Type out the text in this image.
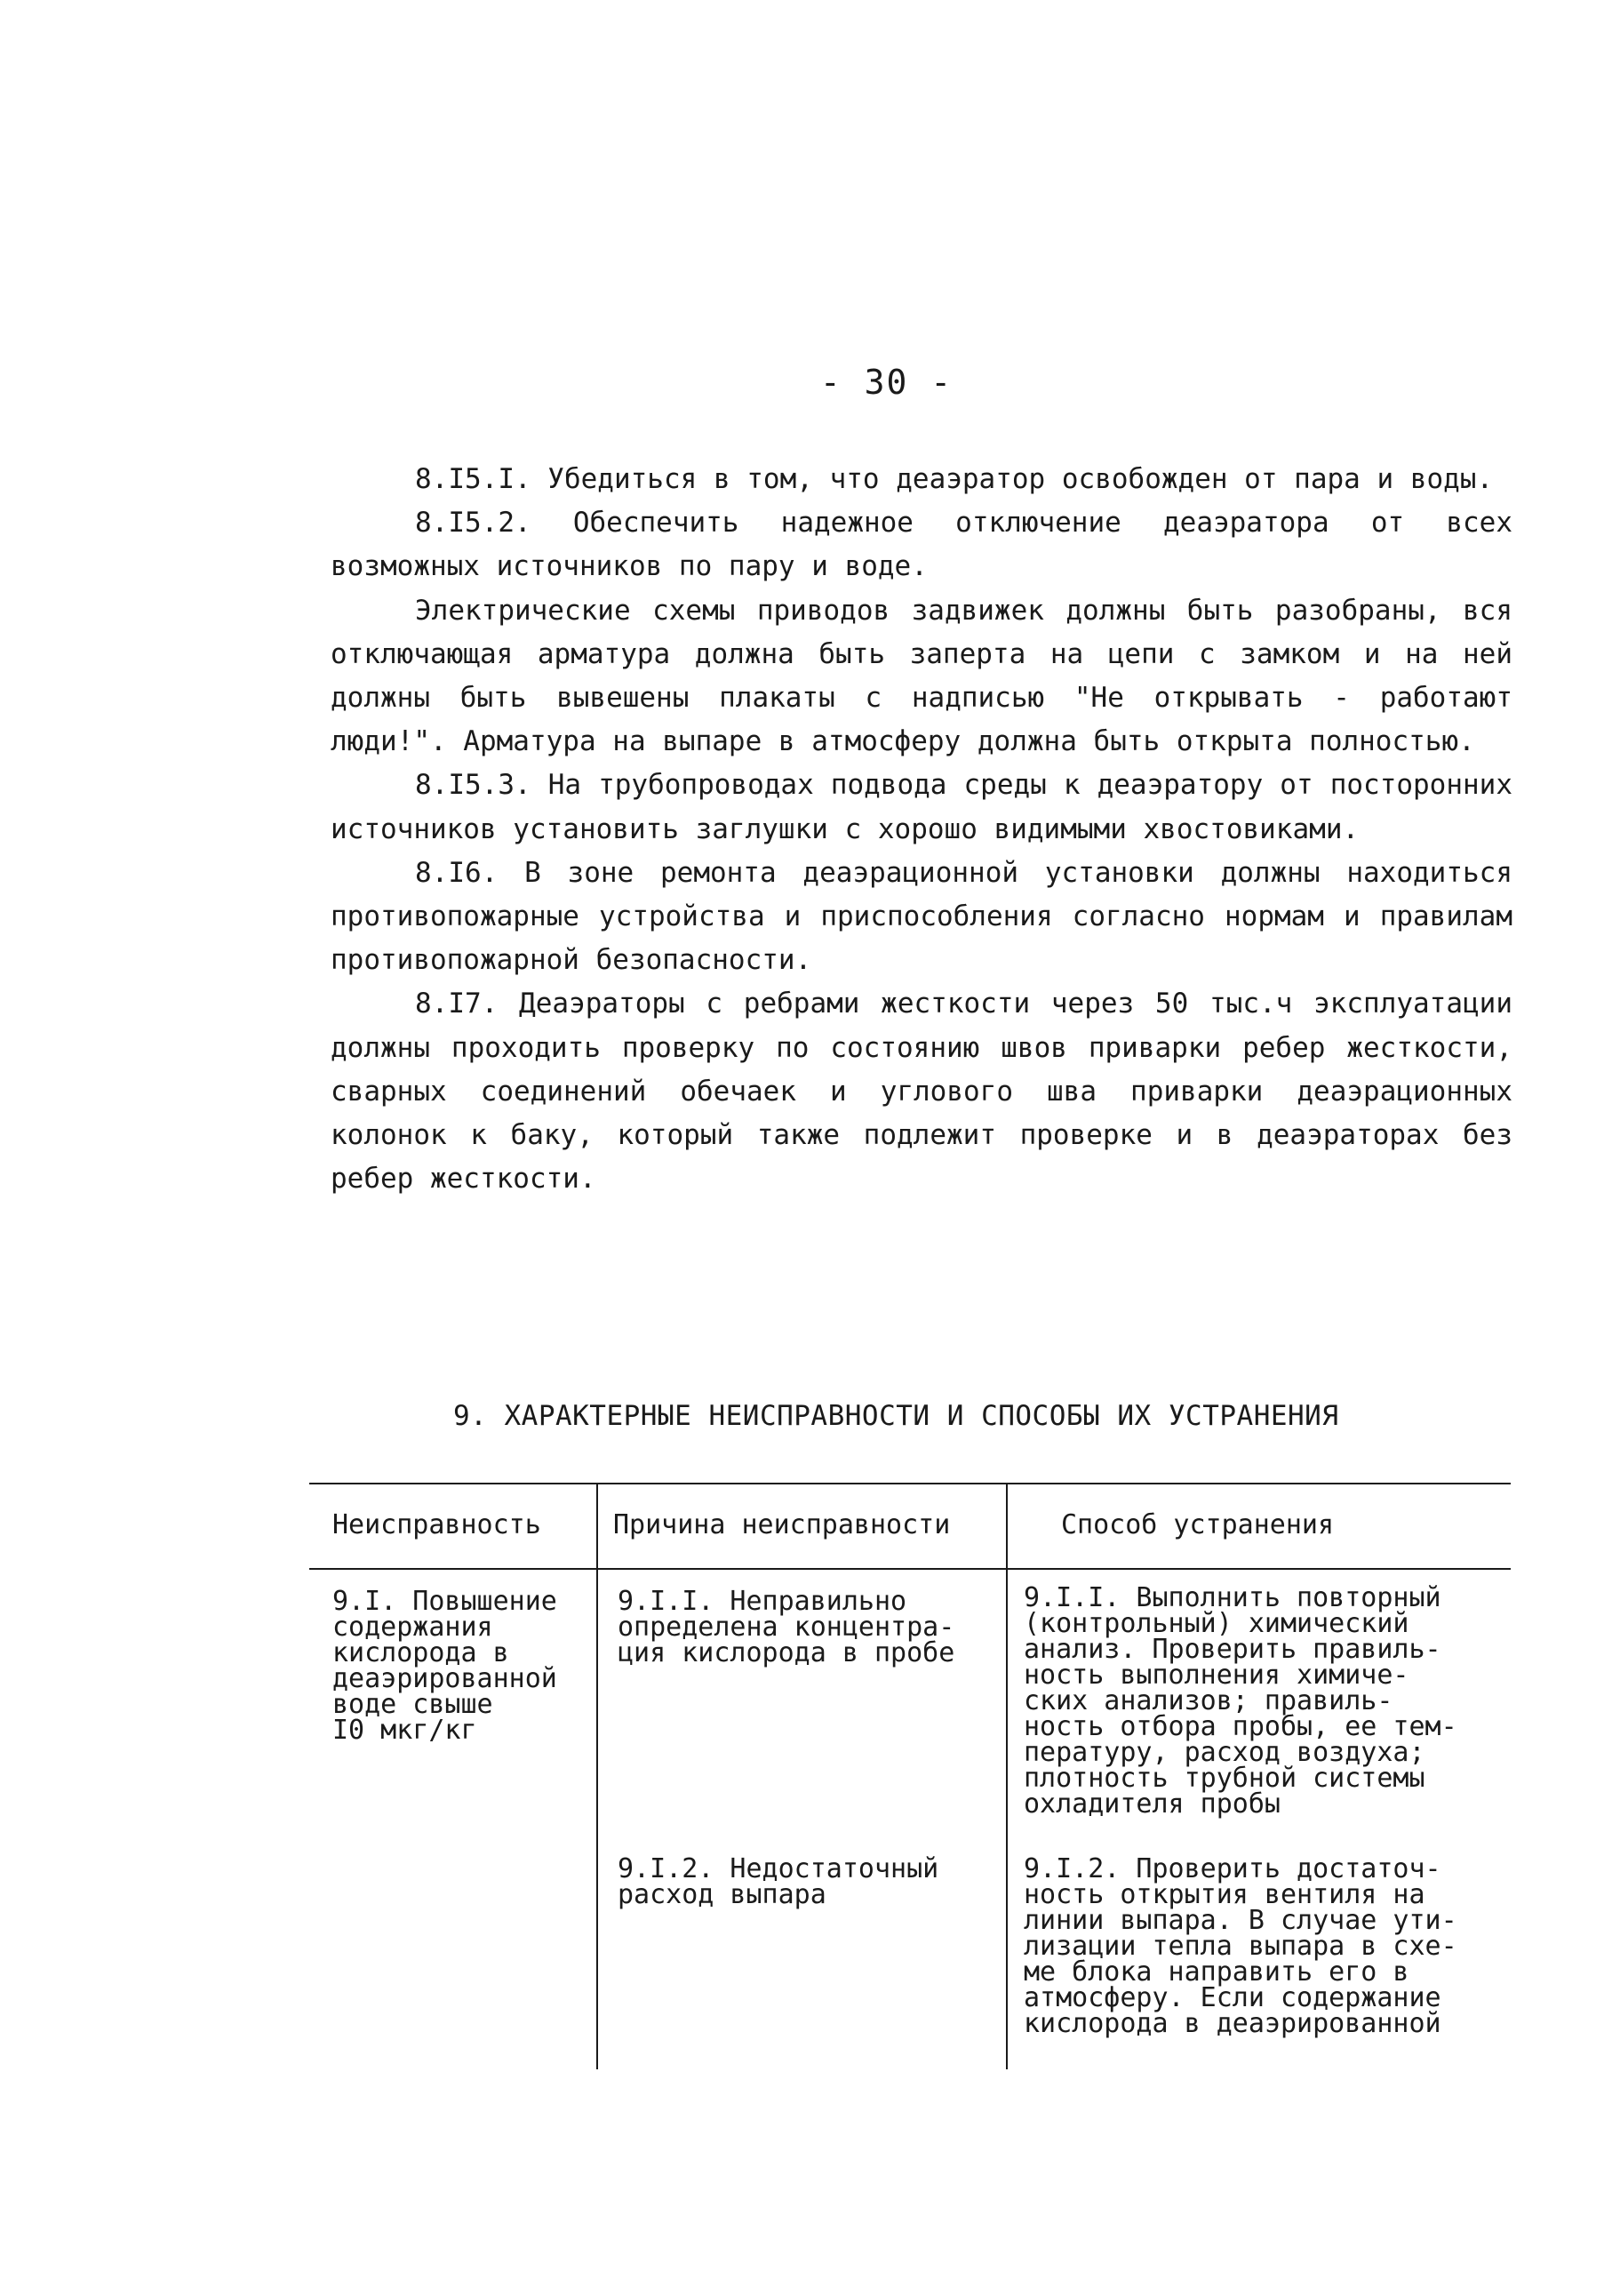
- 30 -

8.I5.I. Убедиться в том, что деаэратор освобожден от пара и воды.

8.I5.2. Обеспечить надежное отключение деаэратора от всех возможных источников по пару и воде.

Электрические схемы приводов задвижек должны быть разобраны, вся отключающая арматура должна быть заперта на цепи с замком и на ней должны быть вывешены плакаты с надписью "Не открывать - работают люди!". Арматура на выпаре в атмосферу должна быть открыта полностью.

8.I5.3. На трубопроводах подвода среды к деаэратору от посторонних источников установить заглушки с хорошо видимыми хвостовиками.

8.I6. В зоне ремонта деаэрационной установки должны находиться противопожарные устройства и приспособления согласно нормам и правилам противопожарной безопасности.

8.I7. Деаэраторы с ребрами жесткости через 50 тыс.ч эксплуатации должны проходить проверку по состоянию швов приварки ребер жесткости, сварных соединений обечаек и углового шва приварки деаэрационных колонок к баку, который также подлежит проверке и в деаэраторах без ребер жесткости.

9. ХАРАКТЕРНЫЕ НЕИСПРАВНОСТИ И СПОСОБЫ ИХ УСТРАНЕНИЯ
Неисправность	Причина неисправности	Способ устранения
9.I. Повышение
содержания
кислорода в
деаэрированной
воде свыше
I0 мкг/кг
9.I.I. Неправильно
определена концентра-
ция кислорода в пробе
9.I.I. Выполнить повторный
(контрольный) химический
анализ. Проверить правиль-
ность выполнения химиче-
ских анализов; правиль-
ность отбора пробы, ее тем-
пературу, расход воздуха;
плотность трубной системы
охладителя пробы
9.I.2. Недостаточный
расход выпара
9.I.2. Проверить достаточ-
ность открытия вентиля на
линии выпара. В случае ути-
лизации тепла выпара в схе-
ме блока направить его в
атмосферу. Если содержание
кислорода в деаэрированной
